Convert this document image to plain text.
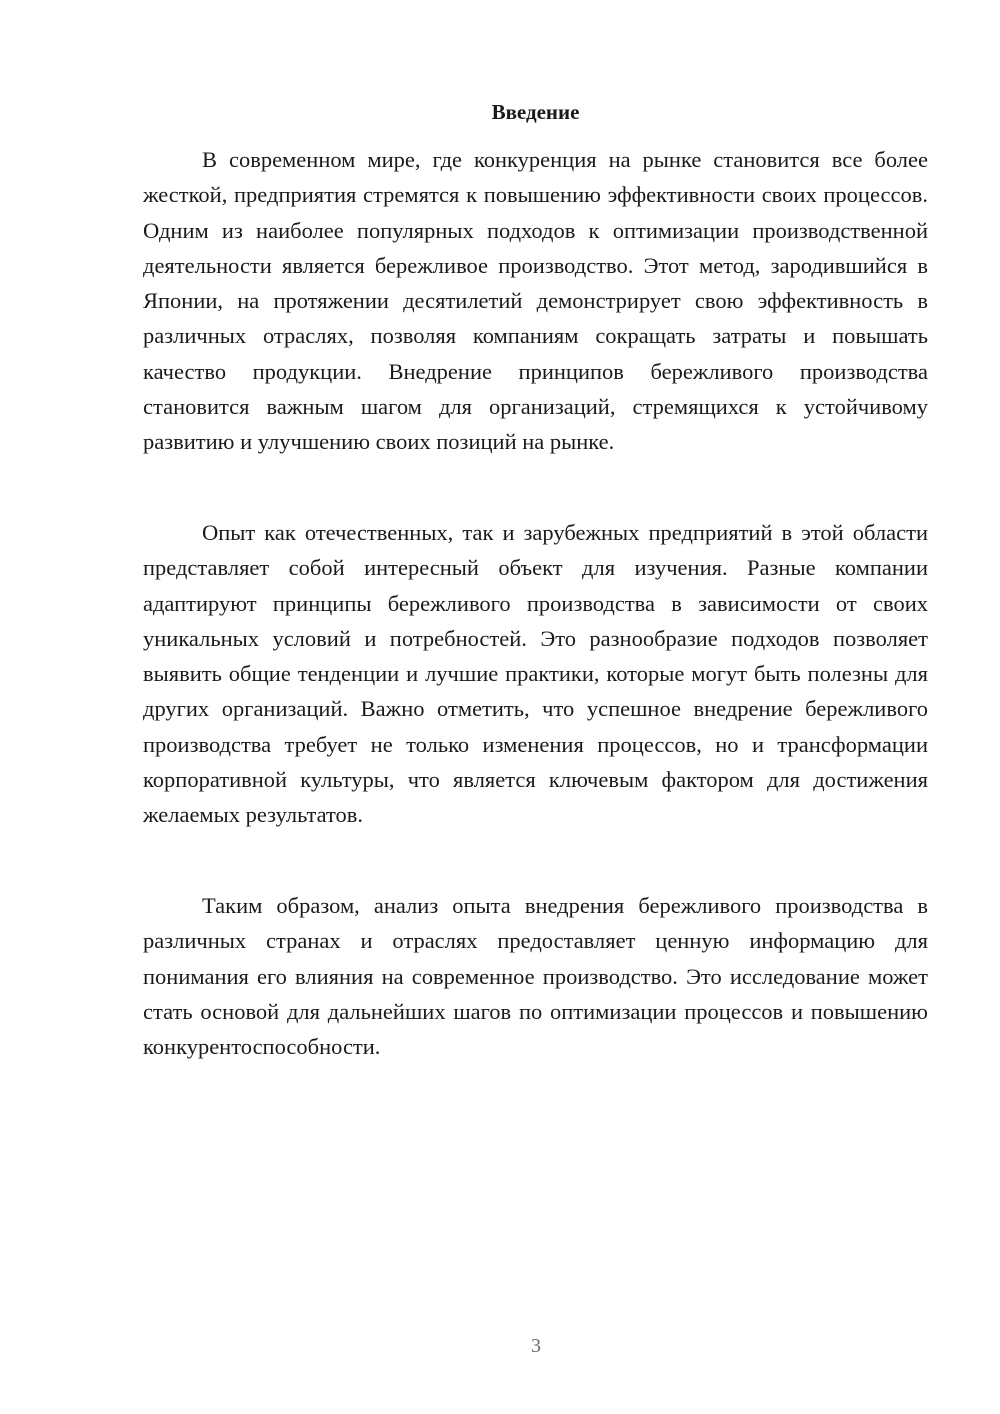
Введение

В современном мире, где конкуренция на рынке становится все более жесткой, предприятия стремятся к повышению эффективности своих процессов. Одним из наиболее популярных подходов к оптимизации производственной деятельности является бережливое производство. Этот метод, зародившийся в Японии, на протяжении десятилетий демонстрирует свою эффективность в различных отраслях, позволяя компаниям сокращать затраты и повышать качество продукции. Внедрение принципов бережливого производства становится важным шагом для организаций, стремящихся к устойчивому развитию и улучшению своих позиций на рынке.

Опыт как отечественных, так и зарубежных предприятий в этой области представляет собой интересный объект для изучения. Разные компании адаптируют принципы бережливого производства в зависимости от своих уникальных условий и потребностей. Это разнообразие подходов позволяет выявить общие тенденции и лучшие практики, которые могут быть полезны для других организаций. Важно отметить, что успешное внедрение бережливого производства требует не только изменения процессов, но и трансформации корпоративной культуры, что является ключевым фактором для достижения желаемых результатов.

Таким образом, анализ опыта внедрения бережливого производства в различных странах и отраслях предоставляет ценную информацию для понимания его влияния на современное производство. Это исследование может стать основой для дальнейших шагов по оптимизации процессов и повышению конкурентоспособности.

3
